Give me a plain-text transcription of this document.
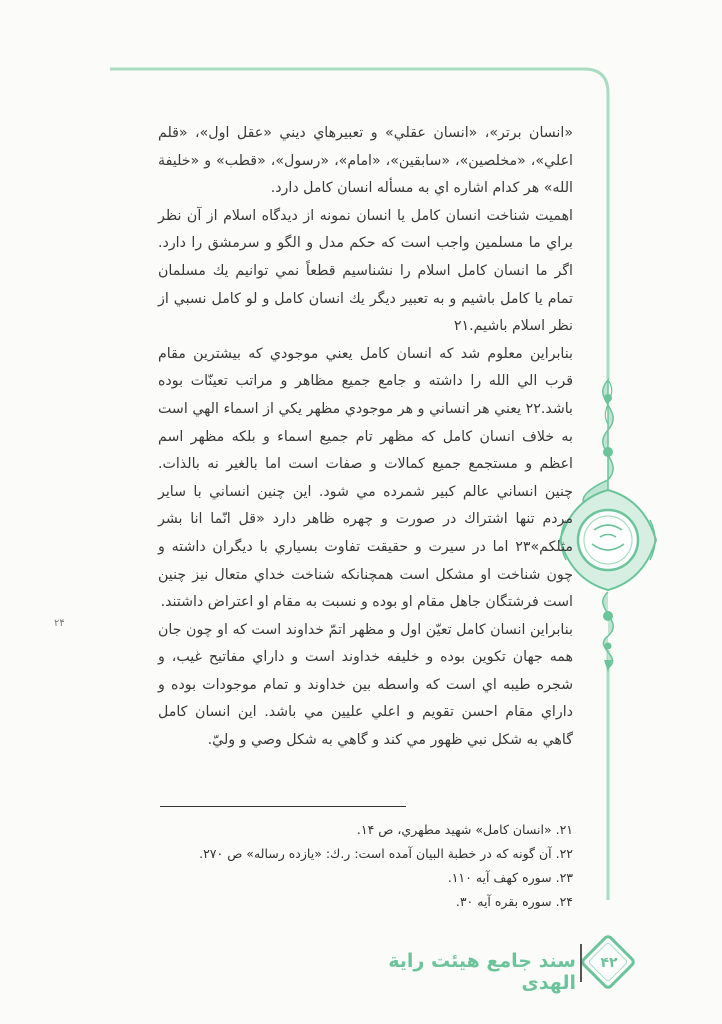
«انسان برتر»، «انسان عقلي» و تعبيرهاي ديني «عقل اول»، «قلم اعلي»، «مخلصين»، «سابقين»، «امام»، «رسول»، «قطب» و «خليفة الله» هر كدام اشاره اي به مسأله انسان كامل دارد.

اهميت شناخت انسان كامل يا انسان نمونه از ديدگاه اسلام از آن نظر براي ما مسلمين واجب است كه حكم مدل و الگو و سرمشق را دارد. اگر ما انسان كامل اسلام را نشناسيم قطعاً نمي توانيم يك مسلمان تمام يا كامل باشيم و به تعبير ديگر يك انسان كامل و لو كامل نسبي از نظر اسلام باشيم.٢١

بنابراين معلوم شد كه انسان كامل يعني موجودي كه بيشترين مقام قرب الي الله را داشته و جامع جميع مظاهر و مراتب تعينّات بوده باشد.٢٢ يعني هر انساني و هر موجودي مظهر يكي از اسماء الهي است به خلاف انسان كامل كه مظهر تام جميع اسماء و بلكه مظهر اسم اعظم و مستجمع جميع كمالات و صفات است اما بالغير نه بالذات. چنين انساني عالم كبير شمرده مي شود. اين چنين انساني با ساير مردم تنها اشتراك در صورت و چهره ظاهر دارد «قل انّما انا بشر مثلكم»٢٣ اما در سيرت و حقيقت تفاوت بسياري با ديگران داشته و چون شناخت او مشكل است همچنانكه شناخت خداي متعال نيز چنين است فرشتگان جاهل مقام او بوده و نسبت به مقام او اعتراض داشتند.

بنابراين انسان كامل تعيّن اول و مظهر اتمّ خداوند است كه او چون جان همه جهان تكوين بوده و خليفه خداوند است و داراي مفاتيح غيب، و شجره طيبه اي است كه واسطه بين خداوند و تمام موجودات بوده و داراي مقام احسن تقويم و اعلي عليين مي باشد. اين انسان كامل گاهي به شكل نبي ظهور مي كند و گاهي به شكل وصي و وليّ.

٢١. «انسان كامل» شهيد مطهري، ص ١۴.
٢٢. آن گونه كه در خطبة البيان آمده است: ر.ك: «يازده رساله» ص ٢٧٠.
٢٣. سوره كهف آيه ١١٠.
٢۴. سوره بقره آيه ٣٠.
٢۴
سند جامع هيئت راية الهدی
۴٢
